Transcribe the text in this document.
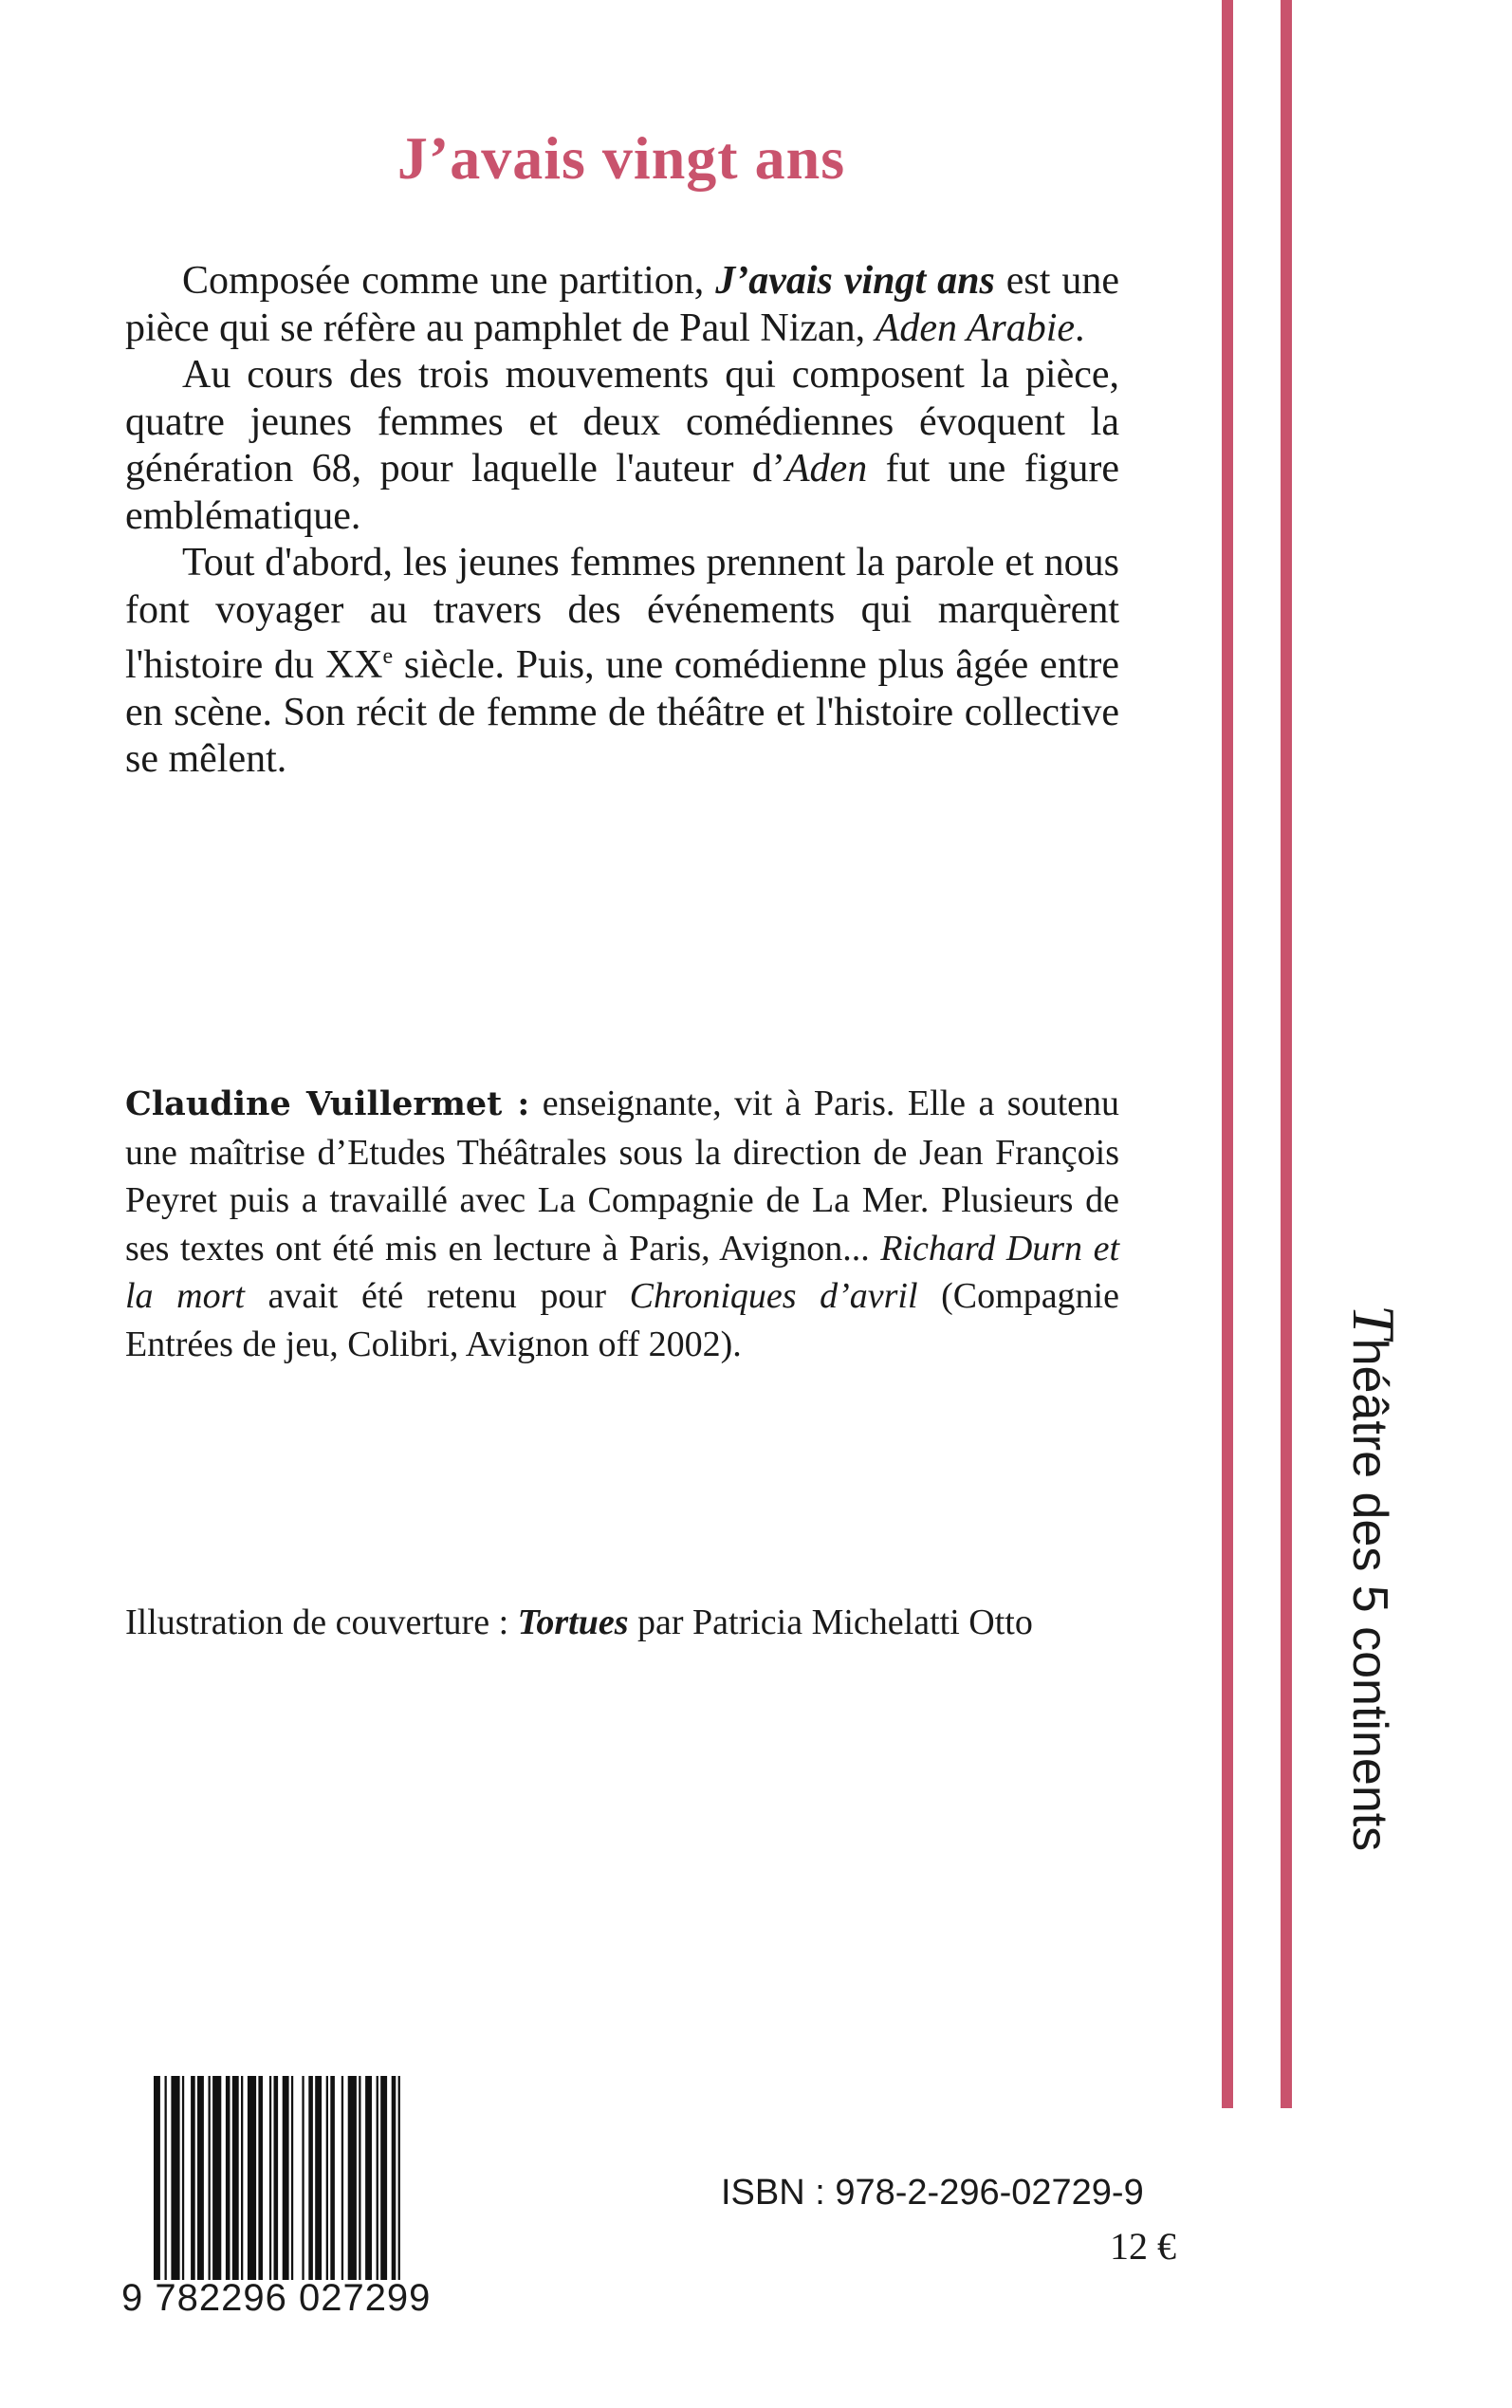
J’avais vingt ans

Composée comme une partition, J’avais vingt ans est une pièce qui se réfère au pamphlet de Paul Nizan, Aden Arabie.

Au cours des trois mouvements qui composent la pièce, quatre jeunes femmes et deux comédiennes évoquent la génération 68, pour laquelle l'auteur d’Aden fut une figure emblématique.

Tout d'abord, les jeunes femmes prennent la parole et nous font voyager au travers des événements qui marquèrent l'histoire du XXe siècle. Puis, une comédienne plus âgée entre en scène. Son récit de femme de théâtre et l'histoire collective se mêlent.

Claudine Vuillermet : enseignante, vit à Paris. Elle a soutenu une maîtrise d’Etudes Théâtrales sous la direction de Jean François Peyret puis a travaillé avec La Compagnie de La Mer. Plusieurs de ses textes ont été mis en lecture à Paris, Avignon... Richard Durn et la mort avait été retenu pour Chroniques d’avril (Compagnie Entrées de jeu, Colibri, Avignon off 2002).

Illustration de couverture : Tortues par Patricia Michelatti Otto

Théâtre des 5 continents
9 782296 027299

ISBN : 978-2-296-02729-9

12 €
